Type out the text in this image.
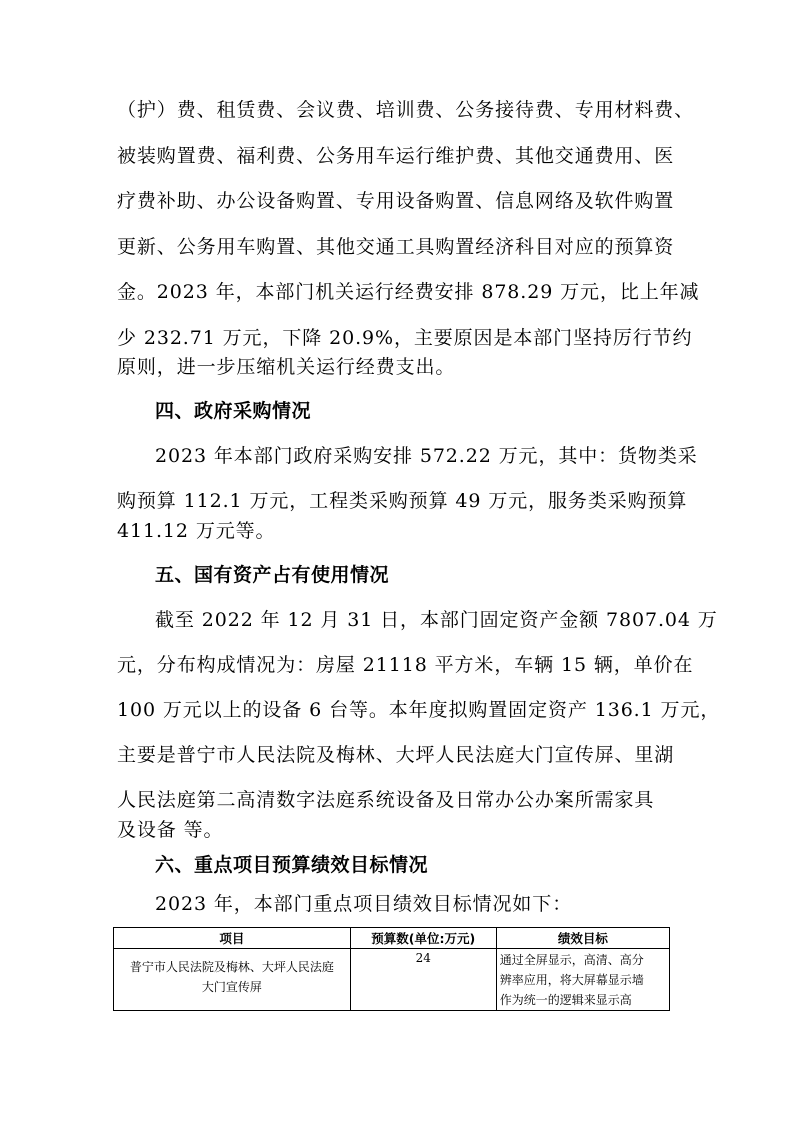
（护）费、租赁费、会议费、培训费、公务接待费、专用材料费、
被装购置费、福利费、公务用车运行维护费、其他交通费用、医
疗费补助、办公设备购置、专用设备购置、信息网络及软件购置
更新、公务用车购置、其他交通工具购置经济科目对应的预算资
金。2023 年，本部门机关运行经费安排 878.29 万元，比上年减
少 232.71 万元，下降 20.9%，主要原因是本部门坚持厉行节约
原则，进一步压缩机关运行经费支出。
四、政府采购情况
2023 年本部门政府采购安排 572.22 万元，其中：货物类采
购预算 112.1 万元，工程类采购预算 49 万元，服务类采购预算
411.12 万元等。
五、国有资产占有使用情况
截至 2022 年 12 月 31 日，本部门固定资产金额 7807.04 万
元，分布构成情况为：房屋 21118 平方米，车辆 15 辆，单价在
100 万元以上的设备 6 台等。本年度拟购置固定资产 136.1 万元，
主要是普宁市人民法院及梅林、大坪人民法庭大门宣传屏、里湖
人民法庭第二高清数字法庭系统设备及日常办公办案所需家具
及设备 等。
六、重点项目预算绩效目标情况
2023 年，本部门重点项目绩效目标情况如下：
项目	预算数(单位:万元)	绩效目标

普宁市人民法院及梅林、大坪人民法庭
大门宣传屏	24	通过全屏显示，高清、高分
辨率应用，将大屏幕显示墙
作为统一的逻辑来显示高
